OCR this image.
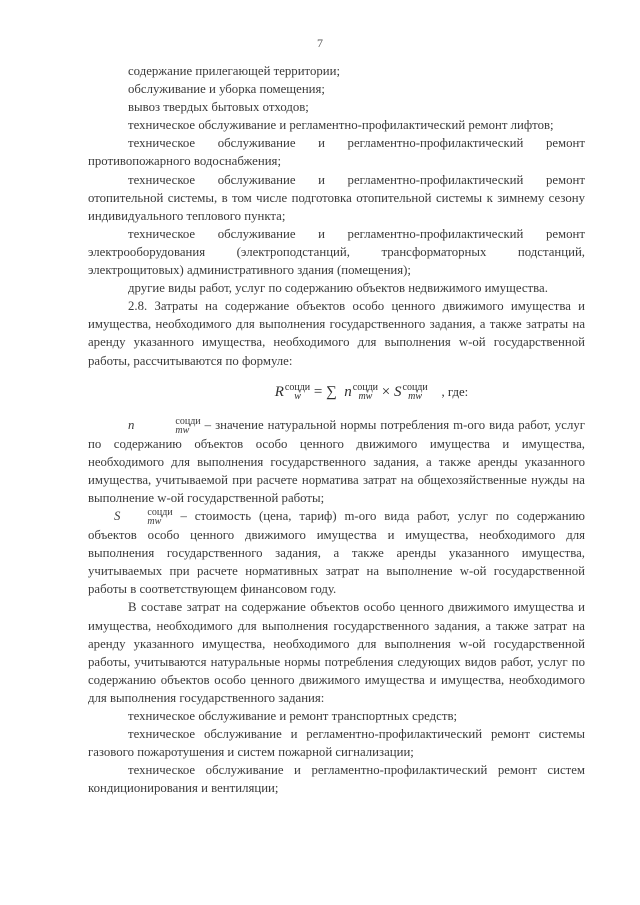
7

содержание прилегающей территории;

обслуживание и уборка помещения;

вывоз твердых бытовых отходов;

техническое обслуживание и регламентно-профилактический ремонт лифтов;

техническое обслуживание и регламентно-профилактический ремонт противопожарного водоснабжения;

техническое обслуживание и регламентно-профилактический ремонт отопительной системы, в том числе подготовка отопительной системы к зимнему сезону индивидуального теплового пункта;

техническое обслуживание и регламентно-профилактический ремонт электрооборудования (электроподстанций, трансформаторных подстанций, электрощитовых) административного здания (помещения);

другие виды работ, услуг по содержанию объектов недвижимого имущества.

2.8. Затраты на содержание объектов особо ценного движимого имущества и имущества, необходимого для выполнения государственного задания, а также затраты на аренду указанного имущества, необходимого для выполнения w-ой государственной работы, рассчитываются по формуле:

R соцди
w = ∑ n соцди
mw × S соцди
mw	, где:

n	соцди
mw	– значение натуральной нормы потребления m-ого вида работ, услуг по содержанию объектов особо ценного движимого имущества и имущества, необходимого для выполнения государственного задания, а также аренды указанного имущества, учитываемой при расчете норматива затрат на общехозяйственные нужды на выполнение w-ой государственной работы;

S	соцди
mw	– стоимость (цена, тариф) m-ого вида работ, услуг по содержанию объектов особо ценного движимого имущества и имущества, необходимого для выполнения государственного задания, а также аренды указанного имущества, учитываемых при расчете нормативных затрат на выполнение w-ой государственной работы в соответствующем финансовом году.

В составе затрат на содержание объектов особо ценного движимого имущества и имущества, необходимого для выполнения государственного задания, а также затрат на аренду указанного имущества, необходимого для выполнения w-ой государственной работы, учитываются натуральные нормы потребления следующих видов работ, услуг по содержанию объектов особо ценного движимого имущества и имущества, необходимого для выполнения государственного задания:

техническое обслуживание и ремонт транспортных средств;

техническое обслуживание и регламентно-профилактический ремонт системы газового пожаротушения и систем пожарной сигнализации;

техническое обслуживание и регламентно-профилактический ремонт систем кондиционирования и вентиляции;
